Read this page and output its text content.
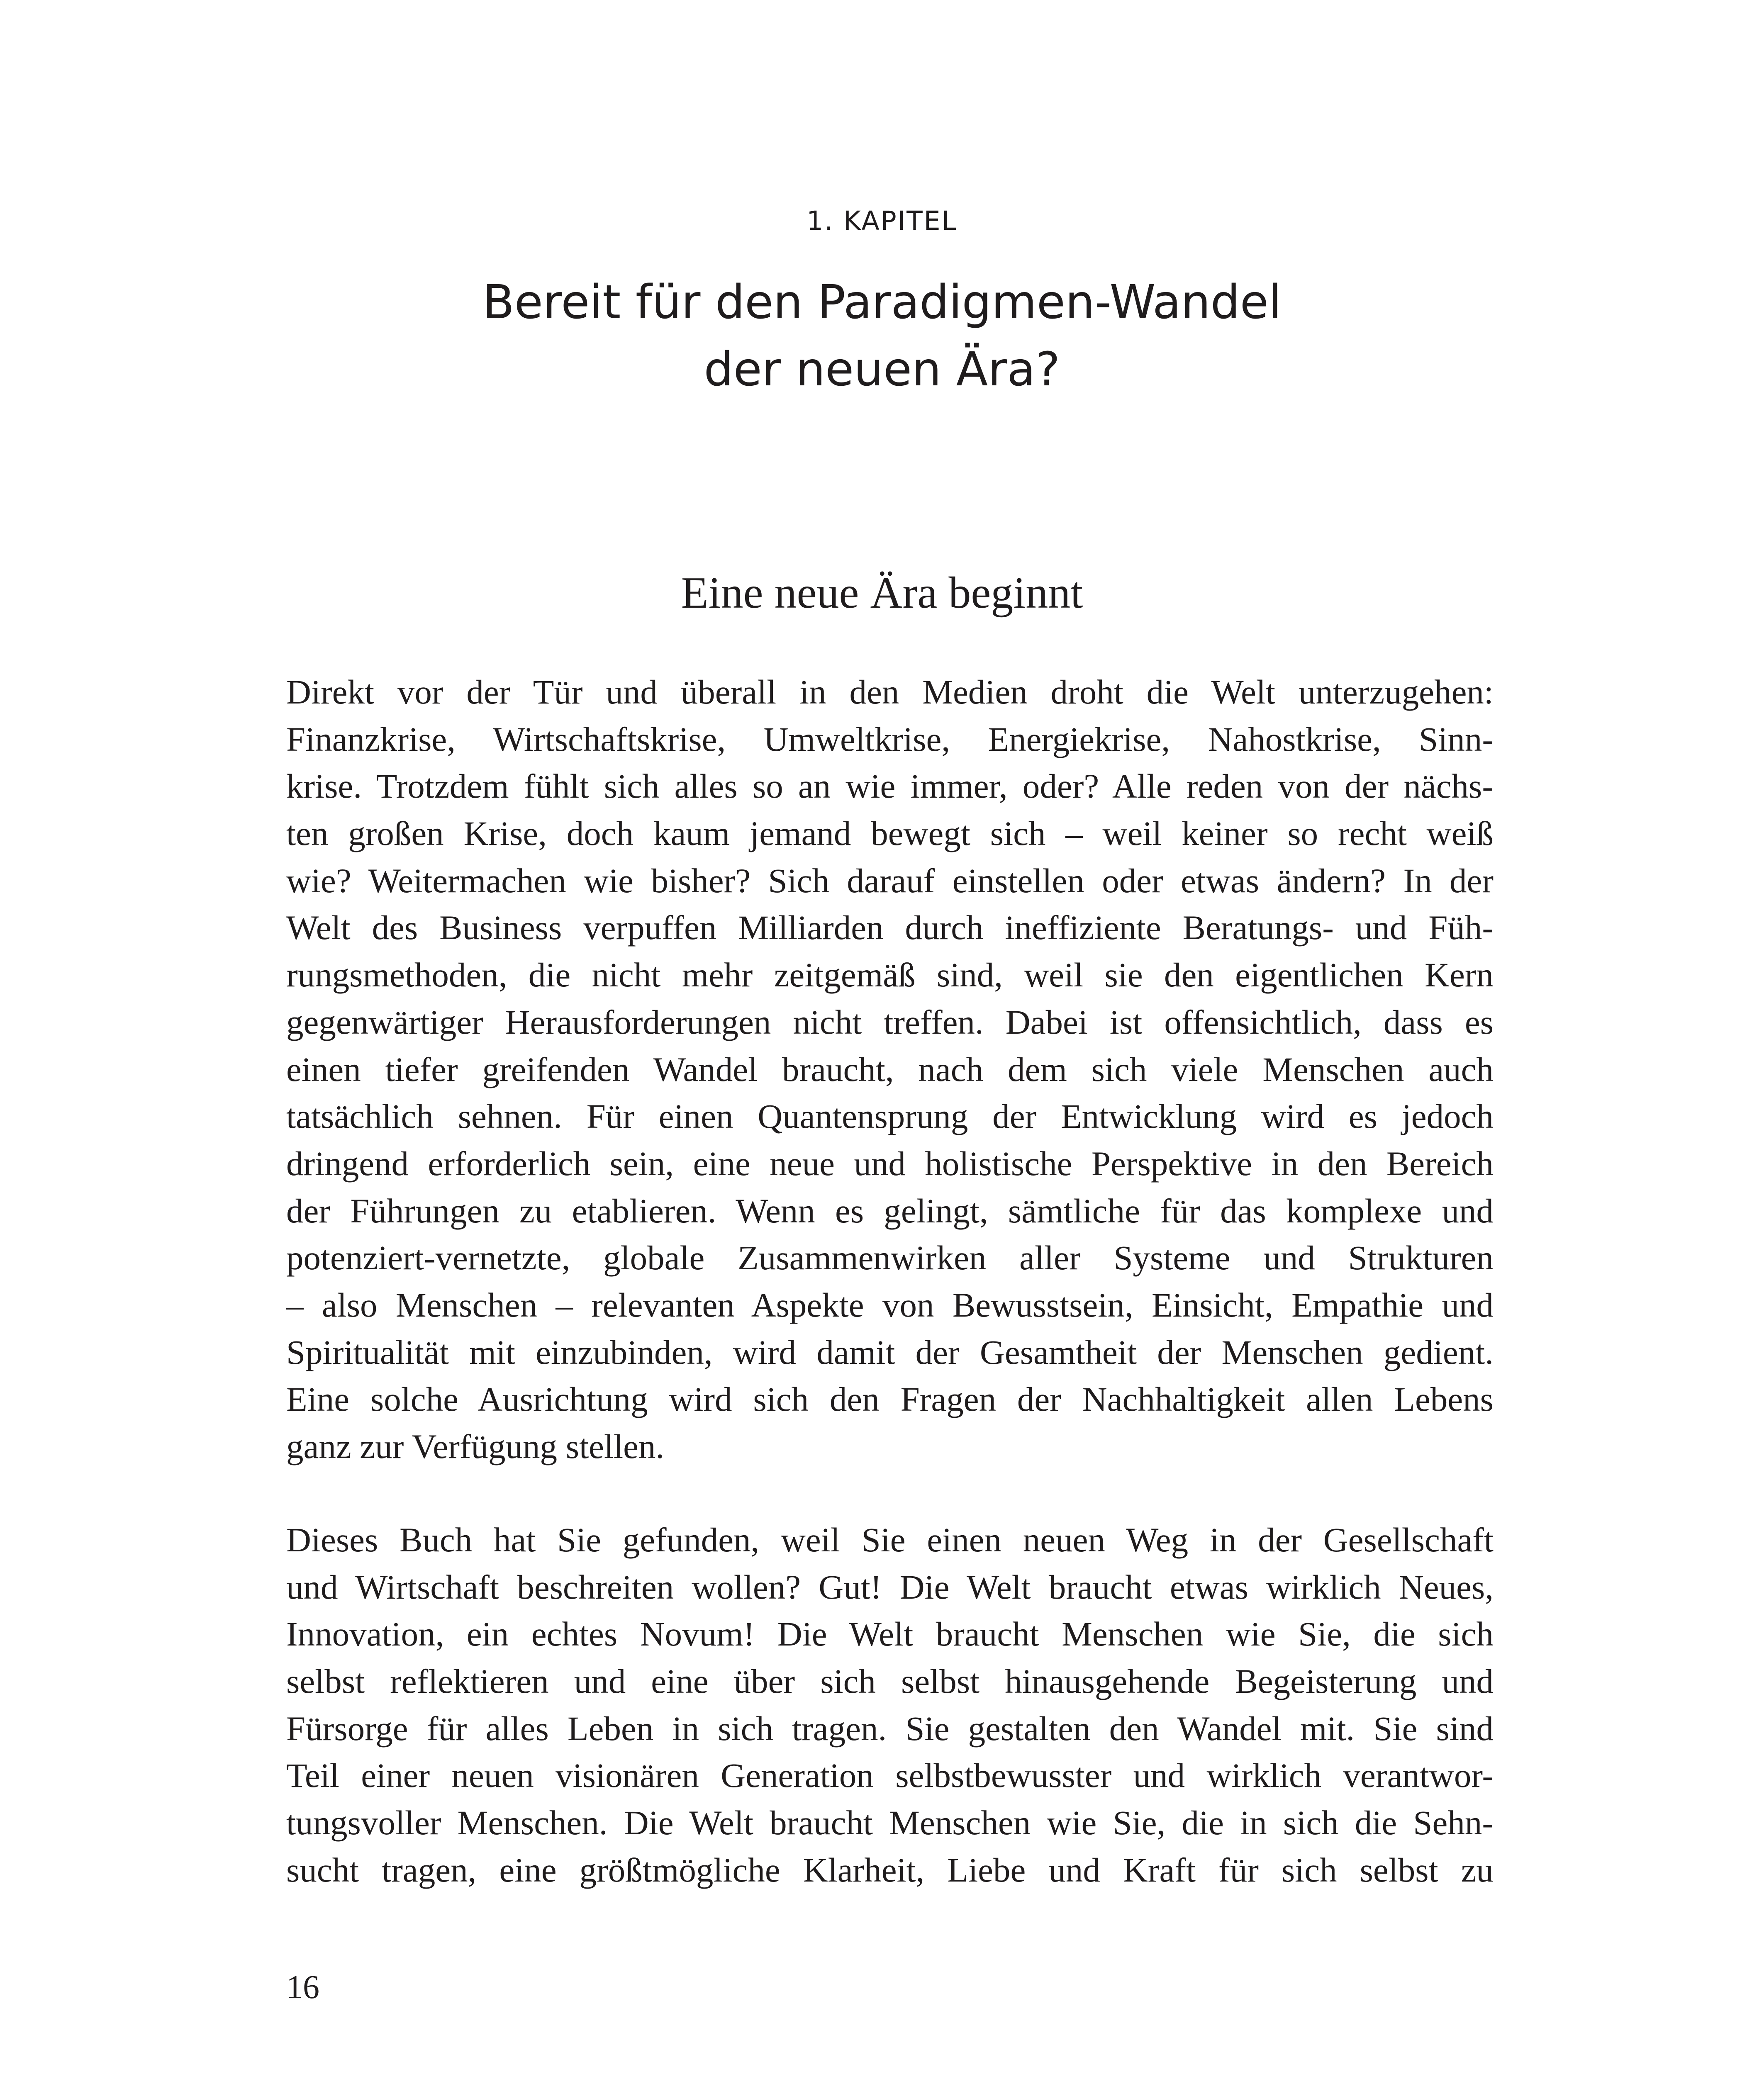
1. KAPITEL
Bereit für den Paradigmen-Wandel
der neuen Ära?
Eine neue Ära beginnt
Direkt vor der Tür und überall in den Medien droht die Welt unterzugehen:
Finanzkrise, Wirtschaftskrise, Umweltkrise, Energiekrise, Nahostkrise, Sinn-
krise. Trotzdem fühlt sich alles so an wie immer, oder? Alle reden von der nächs-
ten großen Krise, doch kaum jemand bewegt sich – weil keiner so recht weiß
wie? Weitermachen wie bisher? Sich darauf einstellen oder etwas ändern? In der
Welt des Business verpuffen Milliarden durch ineffiziente Beratungs- und Füh-
rungsmethoden, die nicht mehr zeitgemäß sind, weil sie den eigentlichen Kern
gegenwärtiger Herausforderungen nicht treffen. Dabei ist offensichtlich, dass es
einen tiefer greifenden Wandel braucht, nach dem sich viele Menschen auch
tatsächlich sehnen. Für einen Quantensprung der Entwicklung wird es jedoch
dringend erforderlich sein, eine neue und holistische Perspektive in den Bereich
der Führungen zu etablieren. Wenn es gelingt, sämtliche für das komplexe und
potenziert-vernetzte, globale Zusammenwirken aller Systeme und Strukturen
– also Menschen – relevanten Aspekte von Bewusstsein, Einsicht, Empathie und
Spiritualität mit einzubinden, wird damit der Gesamtheit der Menschen gedient.
Eine solche Ausrichtung wird sich den Fragen der Nachhaltigkeit allen Lebens
ganz zur Verfügung stellen.
Dieses Buch hat Sie gefunden, weil Sie einen neuen Weg in der Gesellschaft
und Wirtschaft beschreiten wollen? Gut! Die Welt braucht etwas wirklich Neues,
Innovation, ein echtes Novum! Die Welt braucht Menschen wie Sie, die sich
selbst reflektieren und eine über sich selbst hinausgehende Begeisterung und
Fürsorge für alles Leben in sich tragen. Sie gestalten den Wandel mit. Sie sind
Teil einer neuen visionären Generation selbstbewusster und wirklich verantwor-
tungsvoller Menschen. Die Welt braucht Menschen wie Sie, die in sich die Sehn-
sucht tragen, eine größtmögliche Klarheit, Liebe und Kraft für sich selbst zu
16
